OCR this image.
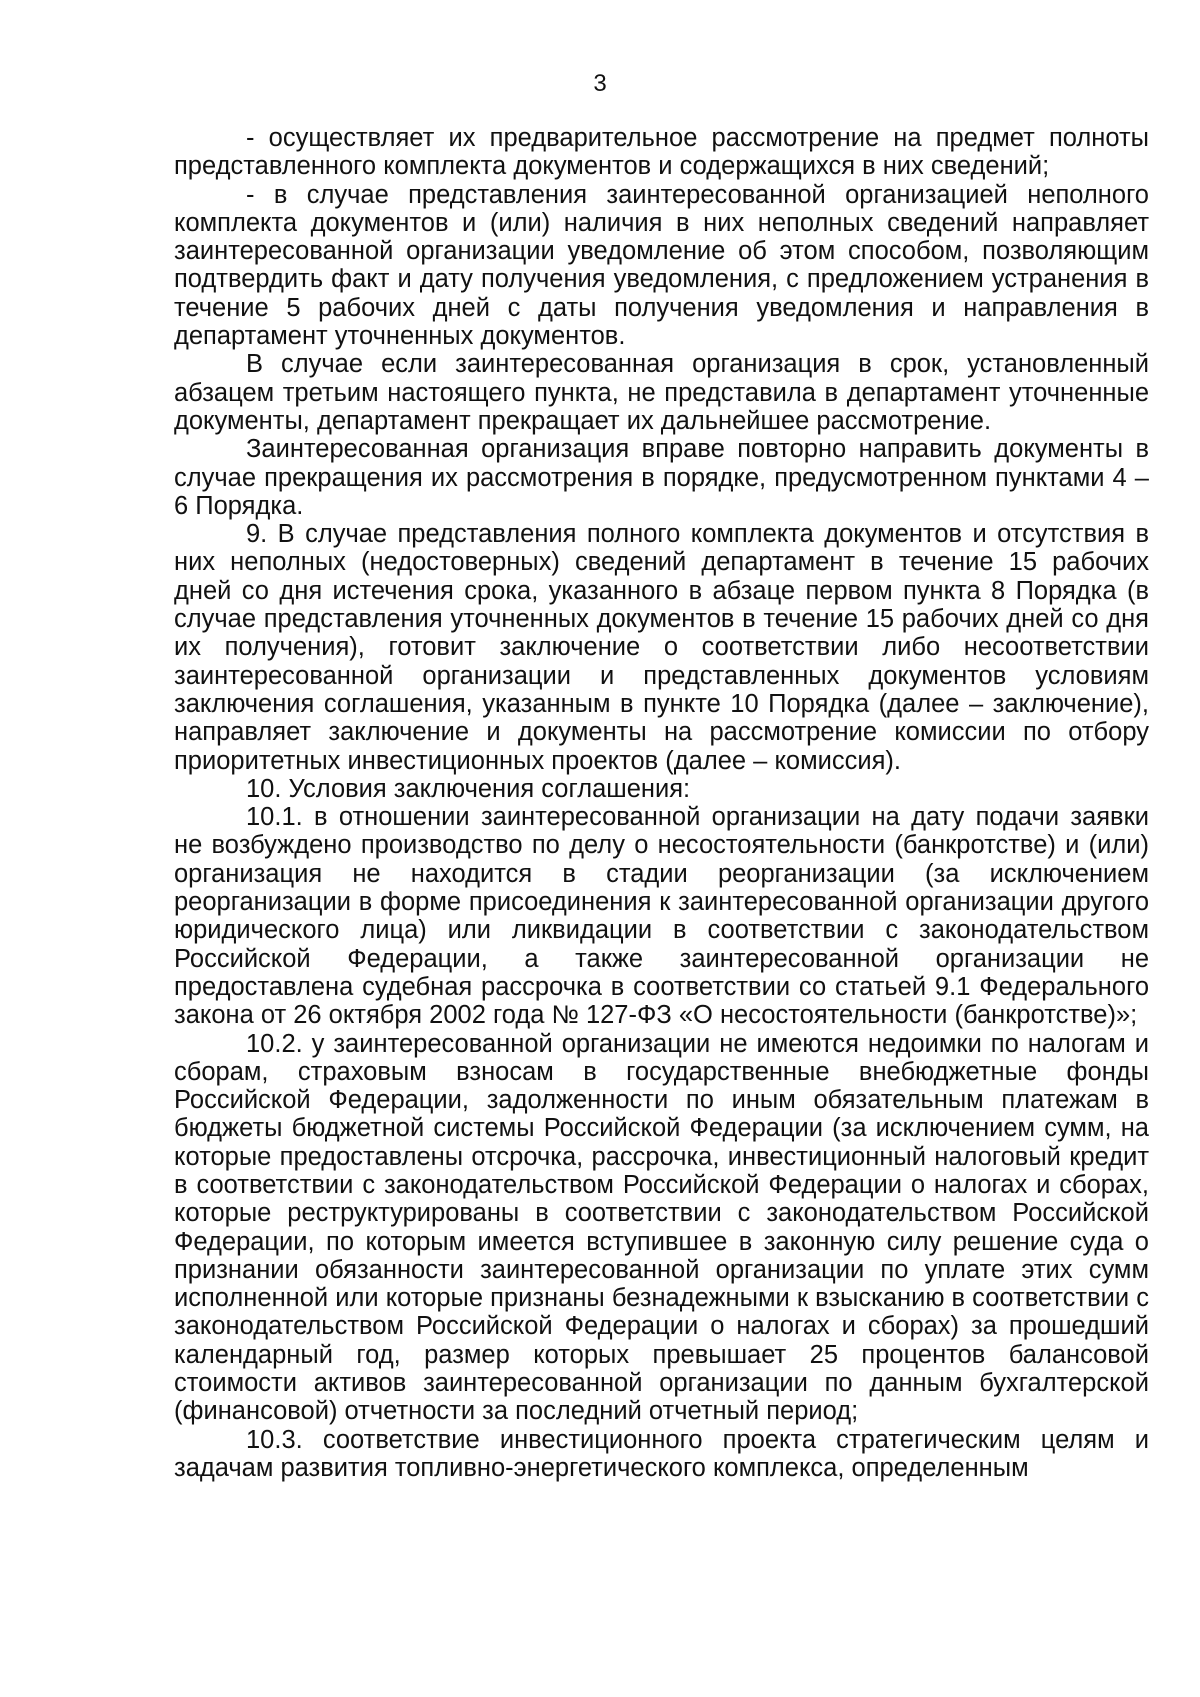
3

- осуществляет их предварительное рассмотрение на предмет полноты представленного комплекта документов и содержащихся в них сведений;

- в случае представления заинтересованной организацией неполного комплекта документов и (или) наличия в них неполных сведений направляет заинтересованной организации уведомление об этом способом, позволяющим подтвердить факт и дату получения уведомления, с предложением устранения в течение 5 рабочих дней с даты получения уведомления и направления в департамент уточненных документов.

В случае если заинтересованная организация в срок, установленный абзацем третьим настоящего пункта, не представила в департамент уточненные документы, департамент прекращает их дальнейшее рассмотрение.

Заинтересованная организация вправе повторно направить документы в случае прекращения их рассмотрения в порядке, предусмотренном пунктами 4 – 6 Порядка.

9. В случае представления полного комплекта документов и отсутствия в них неполных (недостоверных) сведений департамент в течение 15 рабочих дней со дня истечения срока, указанного в абзаце первом пункта 8 Порядка (в случае представления уточненных документов в течение 15 рабочих дней со дня их получения), готовит заключение о соответствии либо несоответствии заинтересованной организации и представленных документов условиям заключения соглашения, указанным в пункте 10 Порядка (далее – заключение), направляет заключение и документы на рассмотрение комиссии по отбору приоритетных инвестиционных проектов (далее – комиссия).

10. Условия заключения соглашения:

10.1. в отношении заинтересованной организации на дату подачи заявки не возбуждено производство по делу о несостоятельности (банкротстве) и (или) организация не находится в стадии реорганизации (за исключением реорганизации в форме присоединения к заинтересованной организации другого юридического лица) или ликвидации в соответствии с законодательством Российской Федерации, а также заинтересованной организации не предоставлена судебная рассрочка в соответствии со статьей 9.1 Федерального закона от 26 октября 2002 года № 127-ФЗ «О несостоятельности (банкротстве)»;

10.2. у заинтересованной организации не имеются недоимки по налогам и сборам, страховым взносам в государственные внебюджетные фонды Российской Федерации, задолженности по иным обязательным платежам в бюджеты бюджетной системы Российской Федерации (за исключением сумм, на которые предоставлены отсрочка, рассрочка, инвестиционный налоговый кредит в соответствии с законодательством Российской Федерации о налогах и сборах, которые реструктурированы в соответствии с законодательством Российской Федерации, по которым имеется вступившее в законную силу решение суда о признании обязанности заинтересованной организации по уплате этих сумм исполненной или которые признаны безнадежными к взысканию в соответствии с законодательством Российской Федерации о налогах и сборах) за прошедший календарный год, размер которых превышает 25 процентов балансовой стоимости активов заинтересованной организации по данным бухгалтерской (финансовой) отчетности за последний отчетный период;

10.3. соответствие инвестиционного проекта стратегическим целям и задачам развития топливно-энергетического комплекса, определенным
